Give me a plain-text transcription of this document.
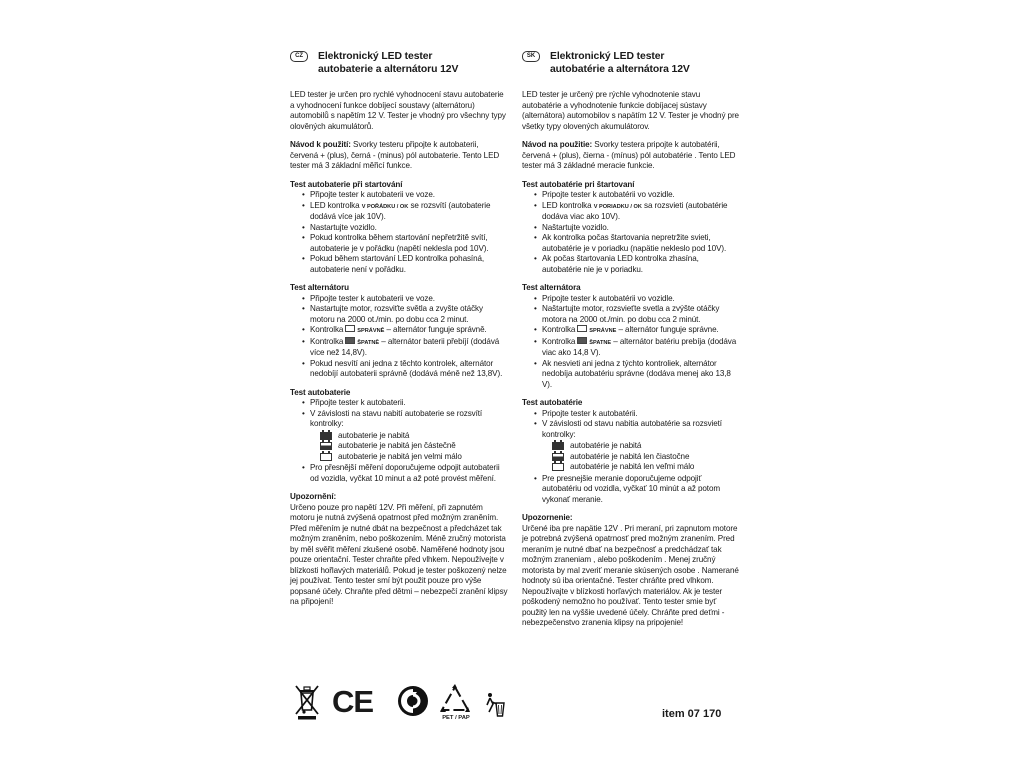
CZ	Elektronický LED tester
autobaterie a alternátoru 12V

LED tester je určen pro rychlé vyhodnocení stavu autobaterie a vyhodnocení funkce dobíjecí soustavy (alternátoru) automobilů s napětím 12 V. Tester je vhodný pro všechny typy olověných akumulátorů.

Návod k použití: Svorky testeru připojte k autobaterii, červená + (plus), černá - (minus) pól autobaterie. Tento LED tester má 3 základní měřicí funkce.

Test autobaterie při startování
• Připojte tester k autobaterii ve voze.
• LED kontrolka V POŘÁDKU / OK se rozsvítí (autobaterie dodává více jak 10V).
• Nastartujte vozidlo.
• Pokud kontrolka během startování nepřetržitě svítí, autobaterie je v pořádku (napětí neklesla pod 10V).
• Pokud během startování LED kontrolka pohasíná, autobaterie není v pořádku.
Test alternátoru
• Připojte tester k autobaterii ve voze.
• Nastartujte motor, rozsviťte světla a zvyšte otáčky motoru na 2000 ot./min. po dobu cca 2 minut.
• Kontrolka	SPRÁVNĚ – alternátor funguje správně.
• Kontrolka	ŠPATNĚ – alternátor baterii přebíjí (dodává více než 14,8V).
• Pokud nesvítí ani jedna z těchto kontrolek, alternátor nedobíjí autobaterii správně (dodává méně než 13,8V).
Test autobaterie
• Připojte tester k autobaterii.
• V závislosti na stavu nabití autobaterie se rozsvítí kontrolky:
autobaterie je nabitá
autobaterie je nabitá jen částečně
autobaterie je nabitá jen velmi málo
• Pro přesnější měření doporučujeme odpojit autobaterii od vozidla, vyčkat 10 minut a až poté provést měření.
Upozornění:

Určeno pouze pro napětí 12V. Při měření, při zapnutém motoru je nutná zvýšená opatrnost před možným zraněním. Před měřením je nutné dbát na bezpečnost a předcházet tak možným zraněním, nebo poškozením. Méně zručný motorista by měl svěřit měření zkušené osobě. Naměřené hodnoty jsou pouze orientační. Tester chraňte před vlhkem. Nepoužívejte v blízkosti hořlavých materiálů. Pokud je tester poškozený nelze jej používat. Tento tester smí být použit pouze pro výše popsané účely. Chraňte před dětmi – nebezpečí zranění klipsy na připojení!

SK	Elektronický LED tester
autobatérie a alternátora 12V

LED tester je určený pre rýchle vyhodnotenie stavu autobatérie a vyhodnotenie funkcie dobíjacej sústavy (alternátora) automobilov s napätím 12 V. Tester je vhodný pre všetky typy olovených akumulátorov.

Návod na použitie: Svorky testera pripojte k autobatérii, červená + (plus), čierna - (mínus) pól autobatérie . Tento LED tester má 3 základné meracie funkcie.

Test autobatérie pri štartovaní
• Pripojte tester k autobatérii vo vozidle.
• LED kontrolka V PORIADKU / OK sa rozsvieti (autobatérie dodáva viac ako 10V).
• Naštartujte vozidlo.
• Ak kontrolka počas štartovania nepretržite svieti, autobatérie je v poriadku (napätie nekleslo pod 10V).
• Ak počas štartovania LED kontrolka zhasína, autobatérie nie je v poriadku.
Test alternátora
• Pripojte tester k autobatérii vo vozidle.
• Naštartujte motor, rozsvieťte svetla a zvýšte otáčky motora na 2000 ot./min. po dobu cca 2 minút.
• Kontrolka	SPRÁVNE – alternátor funguje správne.
• Kontrolka	ŠPATNE – alternátor batériu prebíja (dodáva viac ako 14,8 V).
• Ak nesvieti ani jedna z týchto kontroliek, alternátor nedobíja autobatériu správne (dodáva menej ako 13,8 V).
Test autobatérie
• Pripojte tester k autobatérii.
• V závislosti od stavu nabitia autobatérie sa rozsvietí kontrolky:
autobatérie je nabitá
autobatérie je nabitá len čiastočne
autobatérie je nabitá len veľmi málo
• Pre presnejšie meranie doporučujeme odpojiť autobatériu od vozidla, vyčkať 10 minút a až potom vykonať meranie.
Upozornenie:

Určené iba pre napätie 12V . Pri meraní, pri zapnutom motore je potrebná zvýšená opatrnosť pred možným zranením. Pred meraním je nutné dbať na bezpečnosť a predchádzať tak možným zraneniam , alebo poškodením . Menej zručný motorista by mal zveriť meranie skúsených osobe . Namerané hodnoty sú iba orientačné. Tester chráňte pred vlhkom. Nepoužívajte v blízkosti horľavých materiálov. Ak je tester poškodený nemožno ho používať. Tento tester smie byť použitý len na vyššie uvedené účely. Chráňte pred deťmi - nebezpečenstvo zranenia klipsy na pripojenie!

CE	PET / PAP	item 07 170
